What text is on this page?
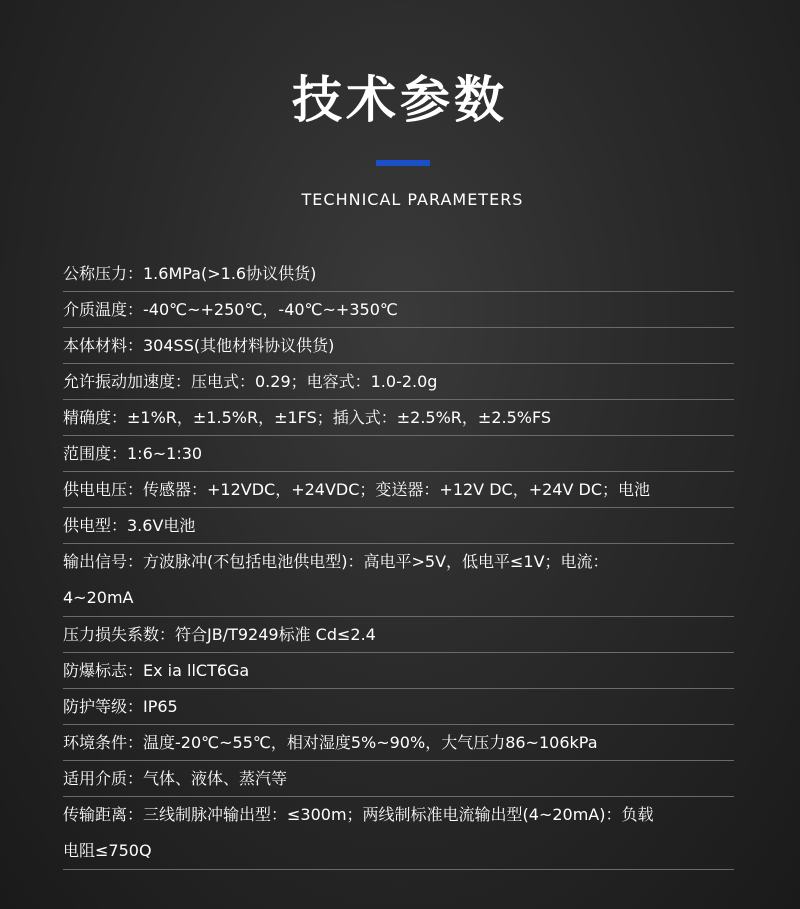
技术参数
TECHNICAL PARAMETERS
公称压力：1.6MPa(>1.6协议供货)
介质温度：-40℃~+250℃，-40℃~+350℃
本体材料：304SS(其他材料协议供货)
允许振动加速度：压电式：0.29；电容式：1.0-2.0g
精确度：±1%R，±1.5%R，±1FS；插入式：±2.5%R，±2.5%FS
范围度：1:6~1:30
供电电压：传感器：+12VDC，+24VDC；变送器：+12V DC，+24V DC；电池
供电型：3.6V电池
输出信号：方波脉冲(不包括电池供电型)：高电平>5V，低电平≤1V；电流：
4~20mA
压力损失系数：符合JB/T9249标准 Cd≤2.4
防爆标志：Ex ia llCT6Ga
防护等级：IP65
环境条件：温度-20℃~55℃，相对湿度5%~90%，大气压力86~106kPa
适用介质：气体、液体、蒸汽等
传输距离：三线制脉冲输出型：≤300m；两线制标准电流输出型(4~20mA)：负载
电阻≤750Q
